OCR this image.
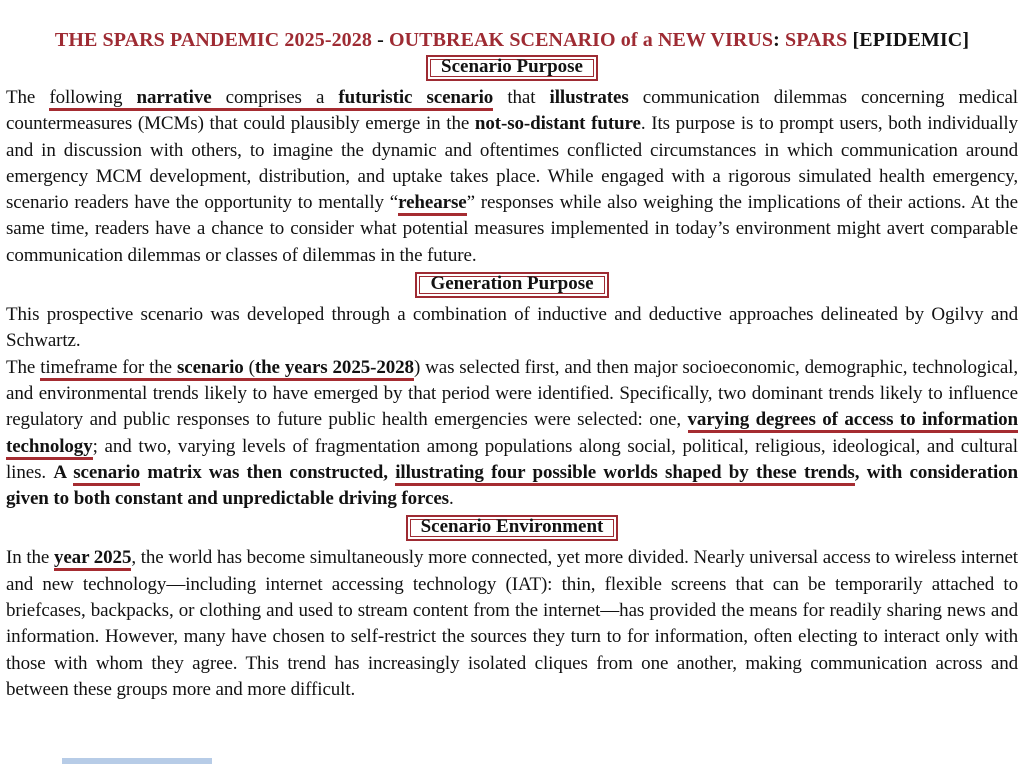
THE SPARS PANDEMIC 2025-2028 - OUTBREAK SCENARIO of a NEW VIRUS: SPARS [EPIDEMIC]
Scenario Purpose

The following narrative comprises a futuristic scenario that illustrates communication dilemmas concerning medical countermeasures (MCMs) that could plausibly emerge in the not-so-distant future. Its purpose is to prompt users, both individually and in discussion with others, to imagine the dynamic and oftentimes conflicted circumstances in which communication around emergency MCM development, distribution, and uptake takes place. While engaged with a rigorous simulated health emergency, scenario readers have the opportunity to mentally “rehearse” responses while also weighing the implications of their actions. At the same time, readers have a chance to consider what potential measures implemented in today’s environment might avert comparable communication dilemmas or classes of dilemmas in the future.

Generation Purpose

This prospective scenario was developed through a combination of inductive and deductive approaches delineated by Ogilvy and Schwartz.

The timeframe for the scenario (the years 2025-2028) was selected first, and then major socioeconomic, demographic, technological, and environmental trends likely to have emerged by that period were identified. Specifically, two dominant trends likely to influence regulatory and public responses to future public health emergencies were selected: one, varying degrees of access to information technology; and two, varying levels of fragmentation among populations along social, political, religious, ideological, and cultural lines. A scenario matrix was then constructed, illustrating four possible worlds shaped by these trends, with consideration given to both constant and unpredictable driving forces.

Scenario Environment

In the year 2025, the world has become simultaneously more connected, yet more divided. Nearly universal access to wireless internet and new technology—including internet accessing technology (IAT): thin, flexible screens that can be temporarily attached to briefcases, backpacks, or clothing and used to stream content from the internet—has provided the means for readily sharing news and information. However, many have chosen to self-restrict the sources they turn to for information, often electing to interact only with those with whom they agree. This trend has increasingly isolated cliques from one another, making communication across and between these groups more and more difficult.
